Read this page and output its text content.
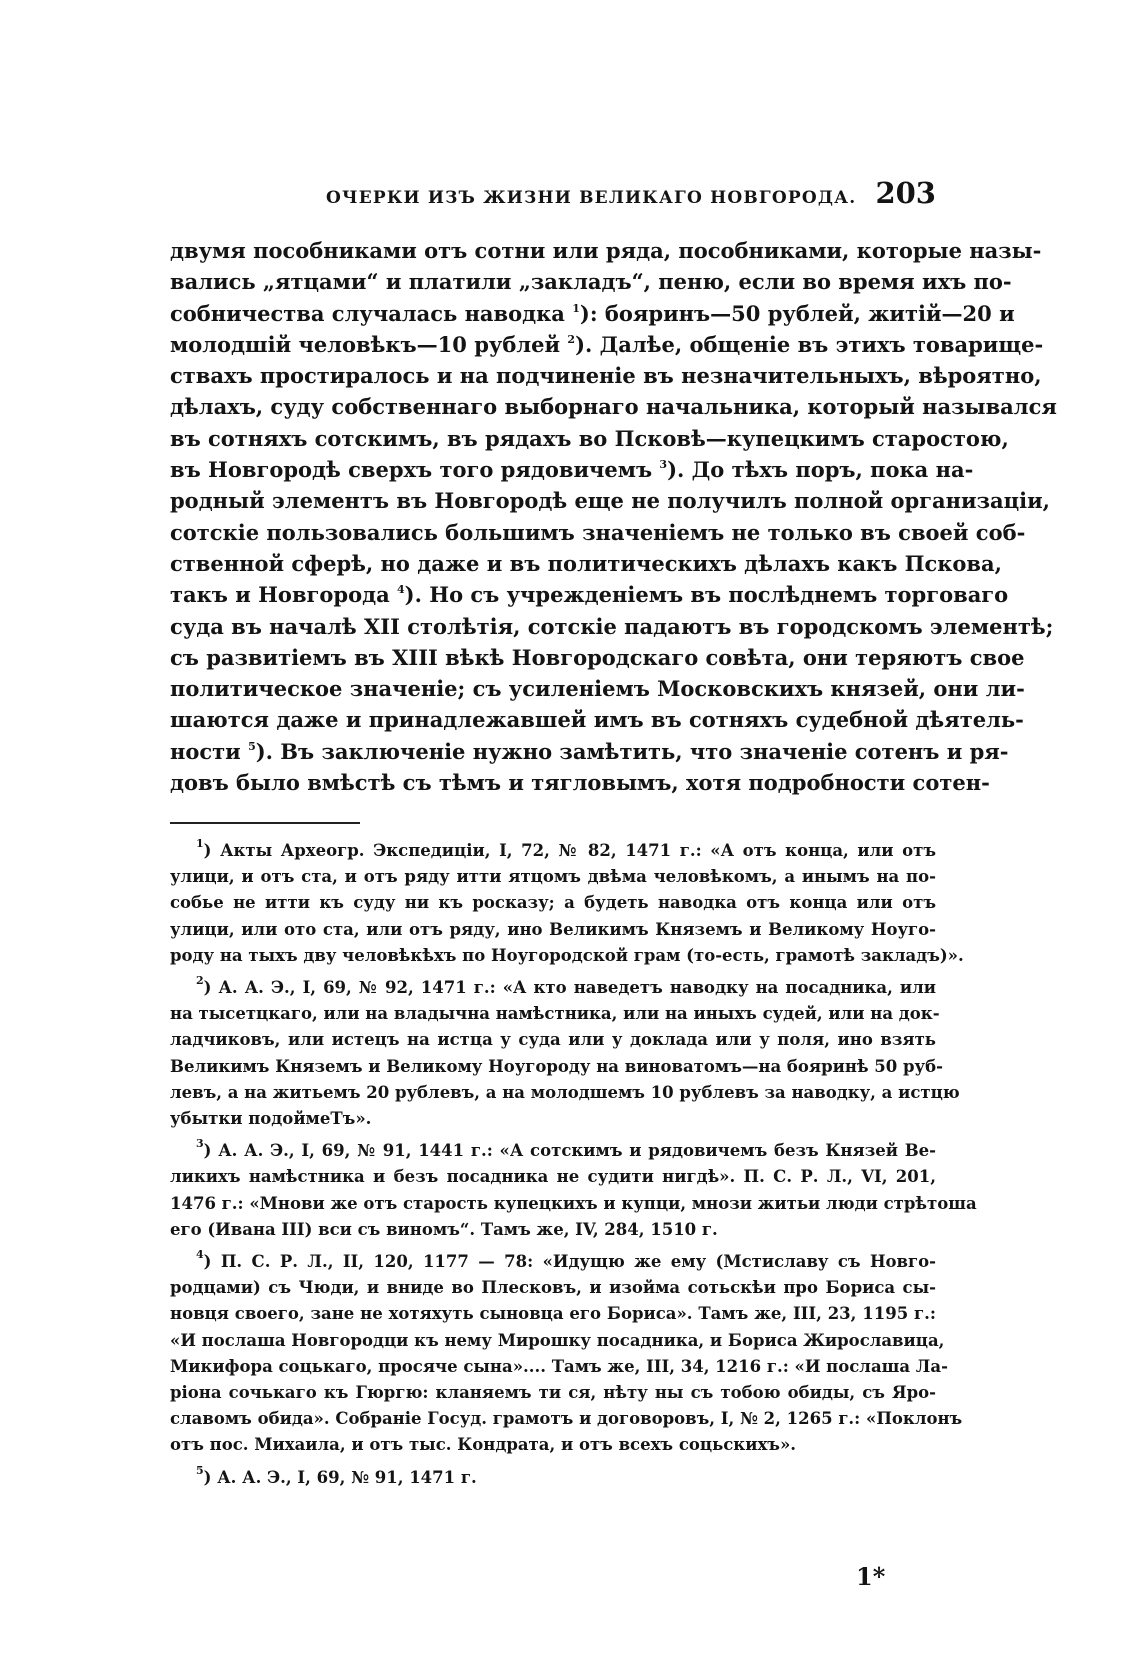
ОЧЕРКИ ИЗЪ ЖИЗНИ ВЕЛИКАГО НОВГОРОДА. 203
двумя пособниками отъ сотни или ряда, пособниками, которые назы-
вались „ятцами“ и платили „закладъ“, пеню, если во время ихъ по-
собничества случалась наводка $^1$): бояринъ—50 рублей, житій—20 и
молодшій человѣкъ—10 рублей $^2$). Далѣе, общеніе въ этихъ товарище-
ствахъ простиралось и на подчиненіе въ незначительныхъ, вѣроятно,
дѣлахъ, суду собственнаго выборнаго начальника, который назывался
въ сотняхъ сотскимъ, въ рядахъ во Псковѣ—купецкимъ старостою,
въ Новгородѣ сверхъ того рядовичемъ $^3$). До тѣхъ поръ, пока на-
родный элементъ въ Новгородѣ еще не получилъ полной организаціи,
сотскіе пользовались большимъ значеніемъ не только въ своей соб-
ственной сферѣ, но даже и въ политическихъ дѣлахъ какъ Пскова,
такъ и Новгорода $^4$). Но съ учрежденіемъ въ послѣднемъ торговаго
суда въ началѣ XII столѣтія, сотскіе падаютъ въ городскомъ элементѣ;
съ развитіемъ въ XIII вѣкѣ Новгородскаго совѣта, они теряютъ свое
политическое значеніе; съ усиленіемъ Московскихъ князей, они ли-
шаются даже и принадлежавшей имъ въ сотняхъ судебной дѣятель-
ности $^5$). Въ заключеніе нужно замѣтить, что значеніе сотенъ и ря-
довъ было вмѣстѣ съ тѣмъ и тягловымъ, хотя подробности сотен-
$^1$) Акты Археогр. Экспедиціи, I, 72, № 82, 1471 г.: «А отъ конца, или отъ
улици, и отъ ста, и отъ ряду итти ятцомъ двѣма человѣкомъ, а инымъ на по-
собье не итти къ суду ни къ росказу; а будеть наводка отъ конца или отъ
улици, или ото ста, или отъ ряду, ино Великимъ Княземъ и Великому Ноуго-
роду на тыхъ дву человѣкѣхъ по Ноугородской грам (то-есть, грамотѣ закладъ)».
$^2$) А. А. Э., I, 69, № 92, 1471 г.: «А кто наведетъ наводку на посадника, или
на тысетцкаго, или на владычна намѣстника, или на иныхъ судей, или на док-
ладчиковъ, или истецъ на истца у суда или у доклада или у поля, ино взять
Великимъ Княземъ и Великому Ноугороду на виноватомъ—на бояринѣ 50 руб-
левъ, а на житьемъ 20 рублевъ, а на молодшемъ 10 рублевъ за наводку, а истцю
убытки подоймеТъ».
$^3$) А. А. Э., I, 69, № 91, 1441 г.: «А сотскимъ и рядовичемъ безъ Князей Ве-
ликихъ намѣстника и безъ посадника не судити нигдѣ». П. С. Р. Л., VI, 201,
1476 г.: «Мнови же отъ старость купецкихъ и купци, мнози житьи люди стрѣтоша
его (Ивана III) вси съ виномъ“. Тамъ же, IV, 284, 1510 г.
$^4$) П. С. Р. Л., II, 120, 1177 — 78: «Идущю же ему (Мстиславу съ Новго-
родцами) съ Чюди, и вниде во Плесковъ, и изойма сотьскѣи про Бориса сы-
новця своего, зане не хотяхуть сыновца его Бориса». Тамъ же, III, 23, 1195 г.:
«И послаша Новгородци къ нему Мирошку посадника, и Бориса Жирославица,
Микифора соцькаго, просяче сына».... Тамъ же, III, 34, 1216 г.: «И послаша Ла-
ріона сочькаго къ Гюргю: кланяемъ ти ся, нѣту ны съ тобою обиды, съ Яро-
славомъ обида». Собраніе Госуд. грамотъ и договоровъ, I, № 2, 1265 г.: «Поклонъ
отъ пос. Михаила, и отъ тыс. Кондрата, и отъ всехъ соцьскихъ».
$^5$) А. А. Э., I, 69, № 91, 1471 г.
1*
